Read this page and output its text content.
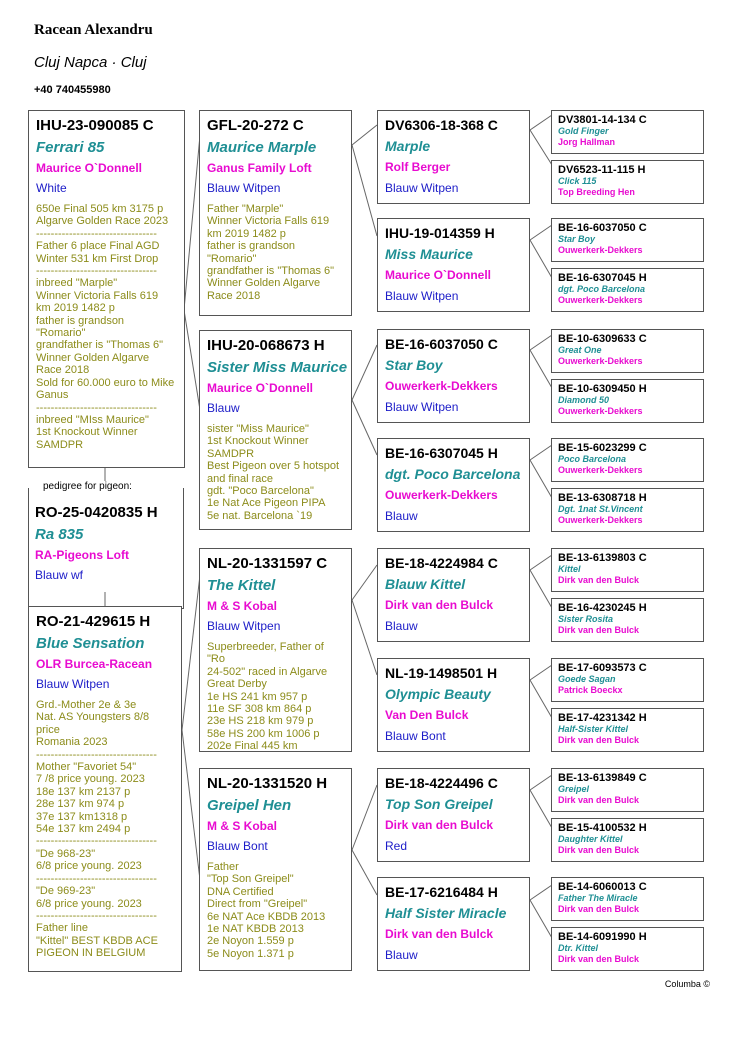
Racean Alexandru
Cluj Napca · Cluj
+40 740455980
IHU-23-090085 C
Ferrari 85
Maurice O`Donnell
White
650e Final 505 km 3175 p
Algarve Golden Race 2023
---------------------------------
Father 6 place Final AGD
Winter 531 km First Drop
---------------------------------
inbreed "Marple"
Winner Victoria Falls 619
km 2019 1482 p
father is grandson
"Romario"
grandfather is "Thomas 6"
Winner Golden Algarve
Race 2018
Sold for 60.000 euro to Mike
Ganus
---------------------------------
inbreed "MIss Maurice"
1st Knockout Winner
SAMDPR
pedigree for pigeon:
RO-25-0420835 H
Ra 835
RA-Pigeons Loft
Blauw wf
RO-21-429615 H
Blue Sensation
OLR Burcea-Racean
Blauw Witpen
Grd.-Mother 2e & 3e
Nat. AS Youngsters 8/8 price
Romania 2023
---------------------------------
Mother "Favoriet 54"
7 /8 price young. 2023
18e 137 km 2137 p
28e 137 km 974 p
37e 137 km1318 p
54e 137 km 2494 p
---------------------------------
"De 968-23"
6/8 price young. 2023
---------------------------------
"De 969-23"
6/8 price young. 2023
---------------------------------
Father line
"Kittel" BEST KBDB ACE
PIGEON IN BELGIUM
GFL-20-272 C
Maurice Marple
Ganus Family Loft
Blauw Witpen
Father "Marple"
Winner Victoria Falls 619
km 2019 1482 p
father is grandson
"Romario"
grandfather is "Thomas 6"
Winner Golden Algarve
Race 2018
IHU-20-068673 H
Sister Miss Maurice
Maurice O`Donnell
Blauw
sister "Miss Maurice"
1st Knockout Winner
SAMDPR
Best Pigeon over 5 hotspot
and final race
gdt. "Poco Barcelona"
1e Nat Ace Pigeon PIPA
5e nat. Barcelona `19
NL-20-1331597 C
The Kittel
M & S Kobal
Blauw Witpen
Superbreeder, Father of "Ro
24-502" raced in Algarve
Great Derby
1e HS 241 km 957 p
11e SF 308 km 864 p
23e HS 218 km 979 p
58e HS 200 km 1006 p
202e Final 445 km
NL-20-1331520 H
Greipel Hen
M & S Kobal
Blauw Bont
Father
"Top Son Greipel"
DNA Certified
Direct from "Greipel"
6e NAT Ace KBDB 2013
1e NAT KBDB 2013
2e Noyon 1.559 p
5e Noyon 1.371 p
DV6306-18-368 C
Marple
Rolf Berger
Blauw Witpen
IHU-19-014359 H
Miss Maurice
Maurice O`Donnell
Blauw Witpen
BE-16-6037050 C
Star Boy
Ouwerkerk-Dekkers
Blauw Witpen
BE-16-6307045 H
dgt. Poco Barcelona
Ouwerkerk-Dekkers
Blauw
BE-18-4224984 C
Blauw Kittel
Dirk van den Bulck
Blauw
NL-19-1498501 H
Olympic Beauty
Van Den Bulck
Blauw Bont
BE-18-4224496 C
Top Son Greipel
Dirk van den Bulck
Red
BE-17-6216484 H
Half Sister Miracle
Dirk van den Bulck
Blauw
DV3801-14-134 C
Gold Finger
Jorg Hallman
DV6523-11-115 H
Click 115
Top Breeding Hen
BE-16-6037050 C
Star Boy
Ouwerkerk-Dekkers
BE-16-6307045 H
dgt. Poco Barcelona
Ouwerkerk-Dekkers
BE-10-6309633 C
Great One
Ouwerkerk-Dekkers
BE-10-6309450 H
Diamond 50
Ouwerkerk-Dekkers
BE-15-6023299 C
Poco Barcelona
Ouwerkerk-Dekkers
BE-13-6308718 H
Dgt. 1nat St.Vincent
Ouwerkerk-Dekkers
BE-13-6139803 C
Kittel
Dirk van den Bulck
BE-16-4230245 H
Sister Rosita
Dirk van den Bulck
BE-17-6093573 C
Goede Sagan
Patrick Boeckx
BE-17-4231342 H
Half-Sister Kittel
Dirk van den Bulck
BE-13-6139849 C
Greipel
Dirk van den Bulck
BE-15-4100532 H
Daughter Kittel
Dirk van den Bulck
BE-14-6060013 C
Father The Miracle
Dirk van den Bulck
BE-14-6091990 H
Dtr. Kittel
Dirk van den Bulck
Columba ©
